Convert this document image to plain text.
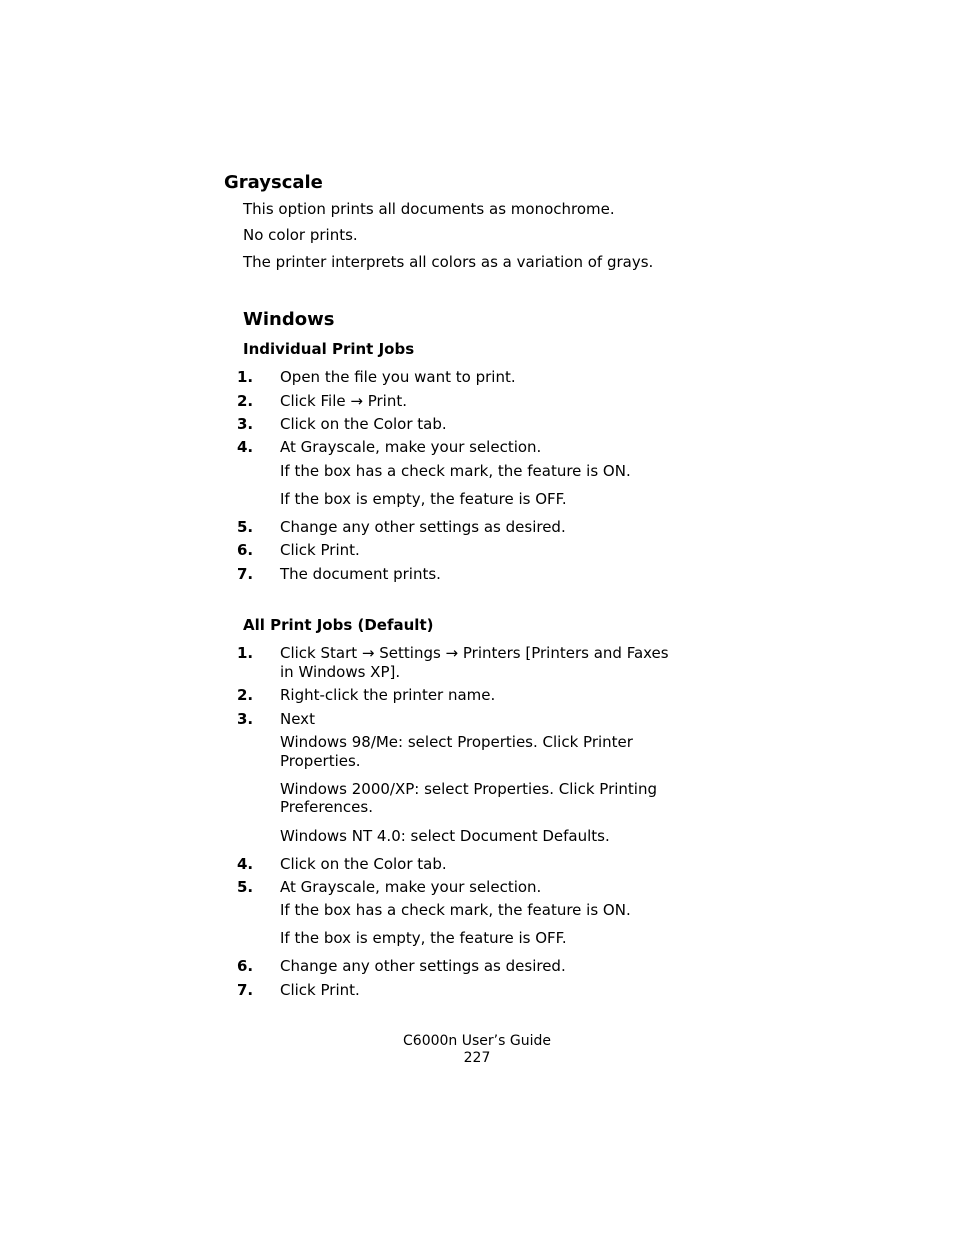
Grayscale
This option prints all documents as monochrome.
No color prints.
The printer interprets all colors as a variation of grays.
Windows
Individual Print Jobs
1. Open the file you want to print.
2. Click File → Print.
3. Click on the Color tab.
4. At Grayscale, make your selection.
If the box has a check mark, the feature is ON.
If the box is empty, the feature is OFF.
5. Change any other settings as desired.
6. Click Print.
7. The document prints.
All Print Jobs (Default)
1. Click Start → Settings → Printers [Printers and Faxes
in Windows XP].
2. Right-click the printer name.
3. Next
Windows 98/Me: select Properties. Click Printer
Properties.
Windows 2000/XP: select Properties. Click Printing
Preferences.
Windows NT 4.0: select Document Defaults.
4. Click on the Color tab.
5. At Grayscale, make your selection.
If the box has a check mark, the feature is ON.
If the box is empty, the feature is OFF.
6. Change any other settings as desired.
7. Click Print.
C6000n User’s Guide
227
